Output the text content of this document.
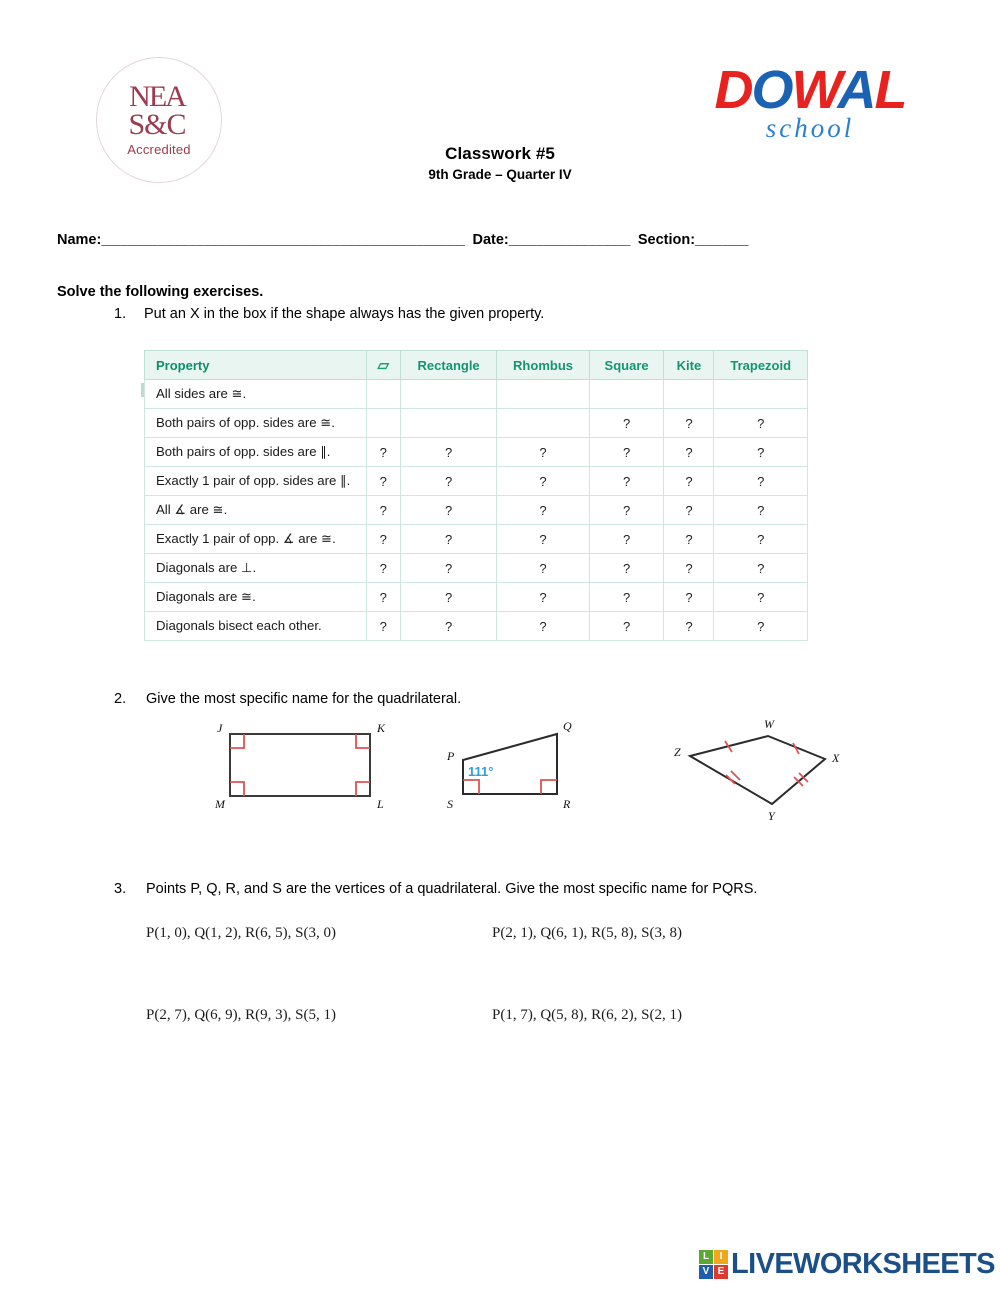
NEA
S&C
Accredited
DOWAL
school
Classwork #5
9th Grade – Quarter IV
Name:________________________________________________ Date:________________ Section:_______
Solve the following exercises.
1. Put an X in the box if the shape always has the given property.
Property	▱	Rectangle	Rhombus	Square	Kite	Trapezoid
All sides are ≅.						
Both pairs of opp. sides are ≅.				?	?	?
Both pairs of opp. sides are ∥.	?	?	?	?	?	?
Exactly 1 pair of opp. sides are ∥.	?	?	?	?	?	?
All ∡ are ≅.	?	?	?	?	?	?
Exactly 1 pair of opp. ∡ are ≅.	?	?	?	?	?	?
Diagonals are ⊥.	?	?	?	?	?	?
Diagonals are ≅.	?	?	?	?	?	?
Diagonals bisect each other.	?	?	?	?	?	?
2. Give the most specific name for the quadrilateral.
J	K
M	L
P
Q
S	R
111°
W
X
Y
Z
3. Points P, Q, R, and S are the vertices of a quadrilateral. Give the most specific name for PQRS.
P(1, 0), Q(1, 2), R(6, 5), S(3, 0)	P(2, 1), Q(6, 1), R(5, 8), S(3, 8)
P(2, 7), Q(6, 9), R(9, 3), S(5, 1)	P(1, 7), Q(5, 8), R(6, 2), S(2, 1)
L	I
V E LIVEWORKSHEETS
